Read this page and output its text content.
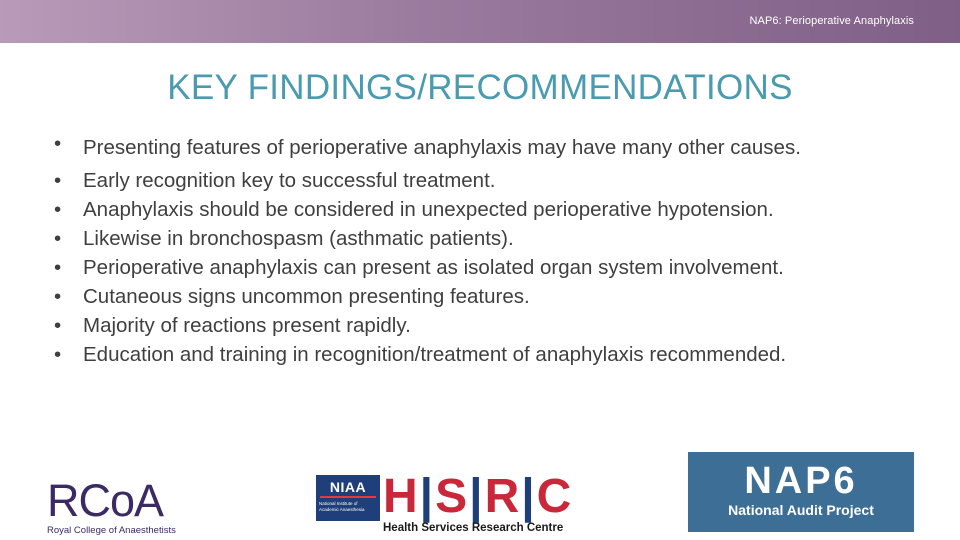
NAP6: Perioperative Anaphylaxis
KEY FINDINGS/RECOMMENDATIONS
• Presenting features of perioperative anaphylaxis may have many other causes.
• Early recognition key to successful treatment.
• Anaphylaxis should be considered in unexpected perioperative hypotension.
• Likewise in bronchospasm (asthmatic patients).
• Perioperative anaphylaxis can present as isolated organ system involvement.
• Cutaneous signs uncommon presenting features.
• Majority of reactions present rapidly.
• Education and training in recognition/treatment of anaphylaxis recommended.
RCoA
Royal College of Anaesthetists
NIAA
National Institute of Academic Anaesthesia H|S|R|C
Health Services Research Centre
NAP6
National Audit Project
